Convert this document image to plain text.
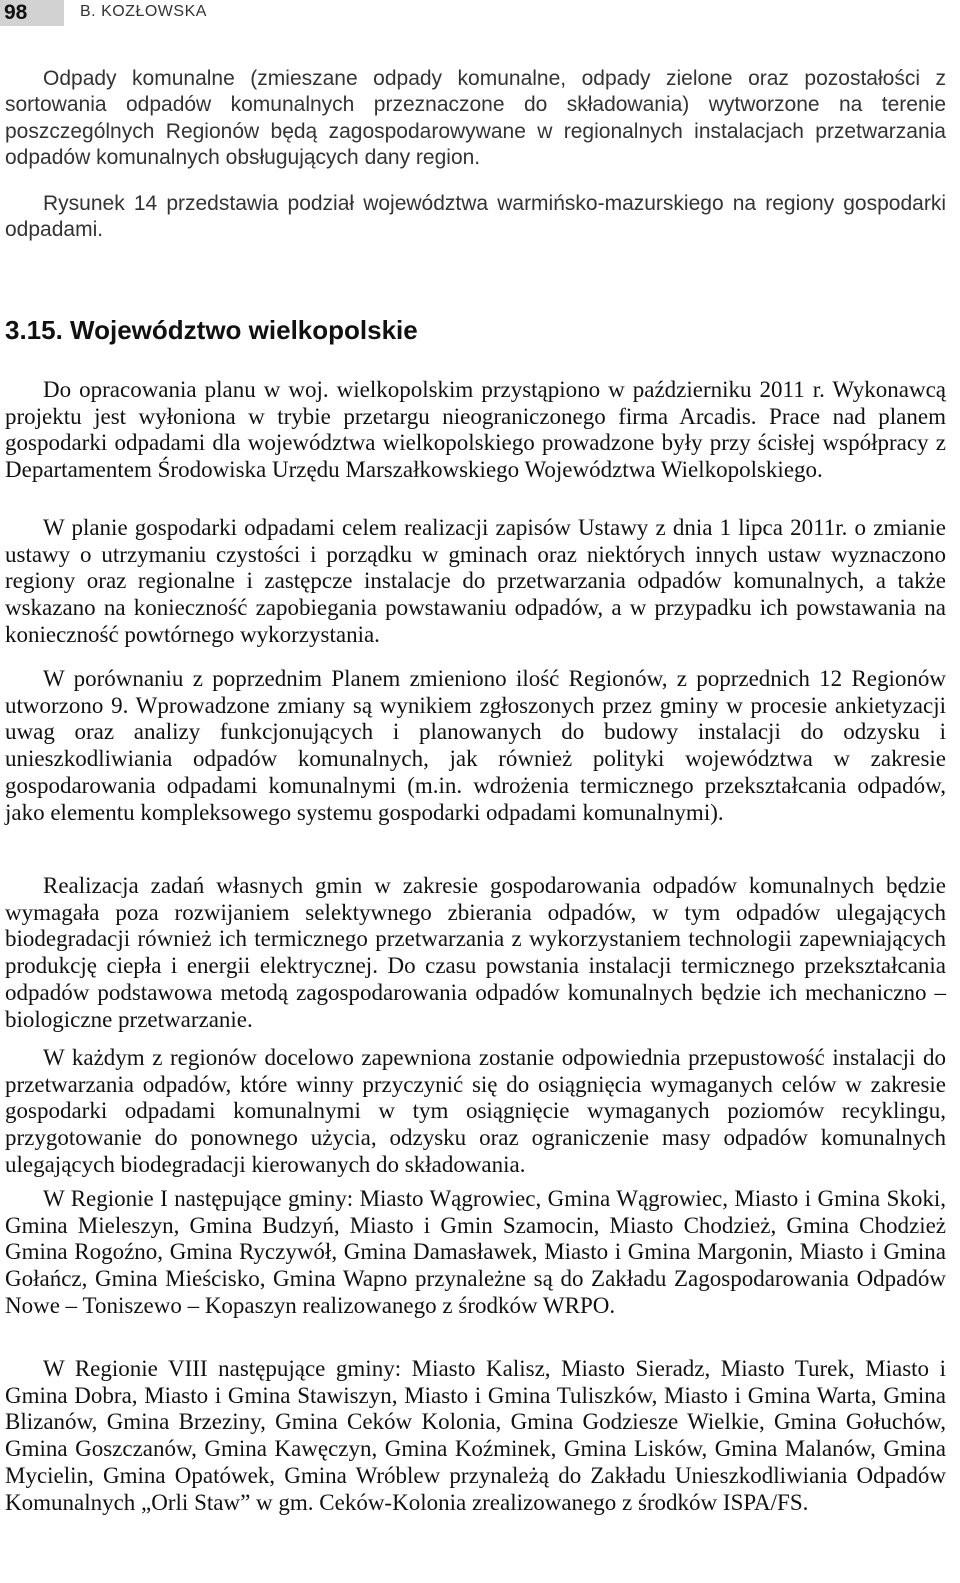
98	B. KOZŁOWSKA

Odpady komunalne (zmieszane odpady komunalne, odpady zielone oraz pozostałości z sortowania odpadów komunalnych przeznaczone do składowania) wytworzone na terenie poszczególnych Regionów będą zagospodarowywane w regionalnych instalacjach przetwarzania odpadów komunalnych obsługujących dany region.

Rysunek 14 przedstawia podział województwa warmińsko-mazurskiego na regiony gospodarki odpadami.

3.15. Województwo wielkopolskie

Do opracowania planu w woj. wielkopolskim przystąpiono w październiku 2011 r. Wykonawcą projektu jest wyłoniona w trybie przetargu nieograniczonego firma Arcadis. Prace nad planem gospodarki odpadami dla województwa wielkopolskiego prowadzone były przy ścisłej współpracy z Departamentem Środowiska Urzędu Marszałkowskiego Województwa Wielkopolskiego.

W planie gospodarki odpadami celem realizacji zapisów Ustawy z dnia 1 lipca 2011r. o zmianie ustawy o utrzymaniu czystości i porządku w gminach oraz niektórych innych ustaw wyznaczono regiony oraz regionalne i zastępcze instalacje do przetwarzania odpadów komunalnych, a także wskazano na konieczność zapobiegania powstawaniu odpadów, a w przypadku ich powstawania na konieczność powtórnego wykorzystania.

W porównaniu z poprzednim Planem zmieniono ilość Regionów, z poprzednich 12 Regionów utworzono 9. Wprowadzone zmiany są wynikiem zgłoszonych przez gminy w procesie ankietyzacji uwag oraz analizy funkcjonujących i planowanych do budowy instalacji do odzysku i unieszkodliwiania odpadów komunalnych, jak również polityki województwa w zakresie gospodarowania odpadami komunalnymi (m.in. wdrożenia termicznego przekształcania odpadów, jako elementu kompleksowego systemu gospodarki odpadami komunalnymi).

Realizacja zadań własnych gmin w zakresie gospodarowania odpadów komunalnych będzie wymagała poza rozwijaniem selektywnego zbierania odpadów, w tym odpadów ulegających biodegradacji również ich termicznego przetwarzania z wykorzystaniem technologii zapewniających produkcję ciepła i energii elektrycznej. Do czasu powstania instalacji termicznego przekształcania odpadów podstawowa metodą zagospodarowania odpadów komunalnych będzie ich mechaniczno – biologiczne przetwarzanie.

W każdym z regionów docelowo zapewniona zostanie odpowiednia przepustowość instalacji do przetwarzania odpadów, które winny przyczynić się do osiągnięcia wymaganych celów w zakresie gospodarki odpadami komunalnymi w tym osiągnięcie wymaganych poziomów recyklingu, przygotowanie do ponownego użycia, odzysku oraz ograniczenie masy odpadów komunalnych ulegających biodegradacji kierowanych do składowania.

W Regionie I następujące gminy: Miasto Wągrowiec, Gmina Wągrowiec, Miasto i Gmina Skoki, Gmina Mieleszyn, Gmina Budzyń, Miasto i Gmin Szamocin, Miasto Chodzież, Gmina Chodzież Gmina Rogoźno, Gmina Ryczywół, Gmina Damasławek, Miasto i Gmina Margonin, Miasto i Gmina Gołańcz, Gmina Mieścisko, Gmina Wapno przynależne są do Zakładu Zagospodarowania Odpadów Nowe – Toniszewo – Kopaszyn realizowanego z środków WRPO.

W Regionie VIII następujące gminy: Miasto Kalisz, Miasto Sieradz, Miasto Turek, Miasto i Gmina Dobra, Miasto i Gmina Stawiszyn, Miasto i Gmina Tuliszków, Miasto i Gmina Warta, Gmina Blizanów, Gmina Brzeziny, Gmina Ceków Kolonia, Gmina Godziesze Wielkie, Gmina Gołuchów, Gmina Goszczanów, Gmina Kawęczyn, Gmina Koźminek, Gmina Lisków, Gmina Malanów, Gmina Mycielin, Gmina Opatówek, Gmina Wróblew przynależą do Zakładu Unieszkodliwiania Odpadów Komunalnych „Orli Staw” w gm. Ceków-Kolonia zrealizowanego z środków ISPA/FS.
